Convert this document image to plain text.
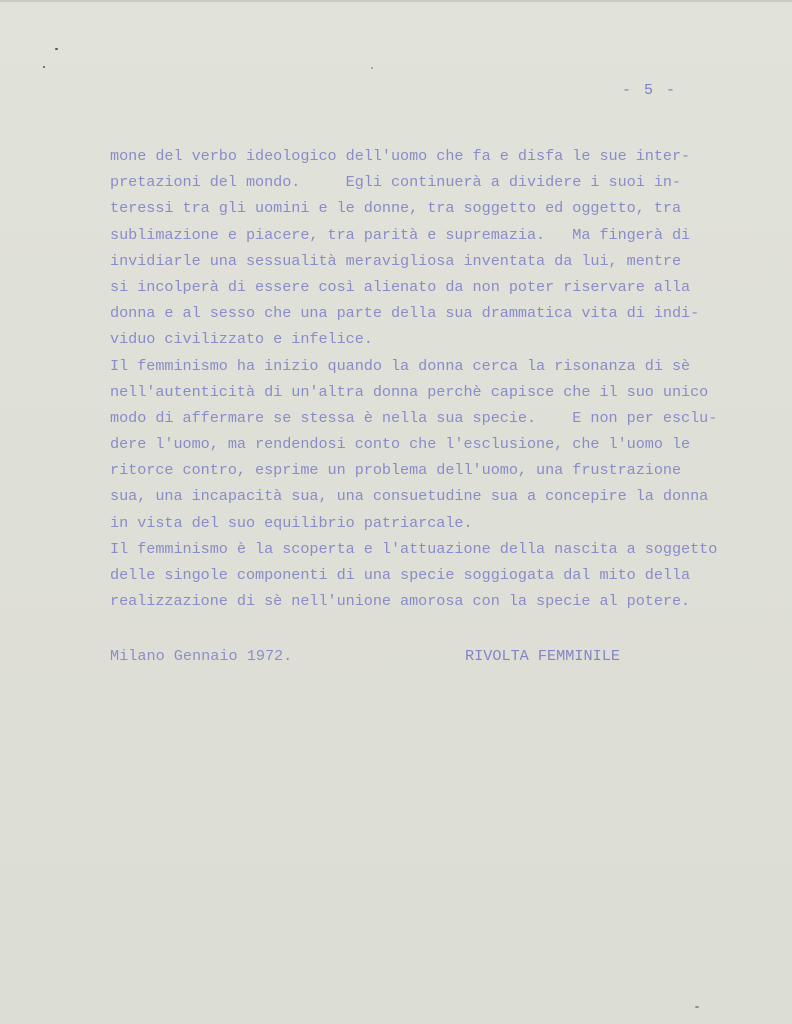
- 5 -
mone del verbo ideologico dell'uomo che fa e disfa le sue inter-
pretazioni del mondo.     Egli continuerà a dividere i suoi in-
teressi tra gli uomini e le donne, tra soggetto ed oggetto, tra
sublimazione e piacere, tra parità e supremazia.   Ma fingerà di
invidiarle una sessualità meravigliosa inventata da lui, mentre
si incolperà di essere così alienato da non poter riservare alla
donna e al sesso che una parte della sua drammatica vita di indi-
viduo civilizzato e infelice.
Il femminismo ha inizio quando la donna cerca la risonanza di sè
nell'autenticità di un'altra donna perchè capisce che il suo unico
modo di affermare se stessa è nella sua specie.    E non per esclu-
dere l'uomo, ma rendendosi conto che l'esclusione, che l'uomo le
ritorce contro, esprime un problema dell'uomo, una frustrazione
sua, una incapacità sua, una consuetudine sua a concepire la donna
in vista del suo equilibrio patriarcale.
Il femminismo è la scoperta e l'attuazione della nascita a soggetto
delle singole componenti di una specie soggiogata dal mito della
realizzazione di sè nell'unione amorosa con la specie al potere.

Milano Gennaio 1972.

	RIVOLTA FEMMINILE
